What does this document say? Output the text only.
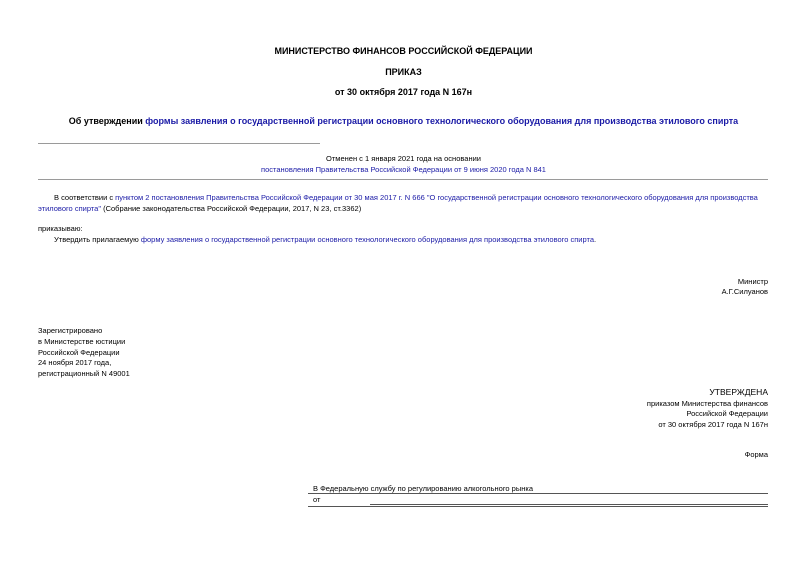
МИНИСТЕРСТВО ФИНАНСОВ РОССИЙСКОЙ ФЕДЕРАЦИИ
ПРИКАЗ
от 30 октября 2017 года N 167н
Об утверждении формы заявления о государственной регистрации основного технологического оборудования для производства этилового спирта
Отменен с 1 января 2021 года на основании
постановления Правительства Российской Федерации от 9 июня 2020 года N 841
В соответствии с пунктом 2 постановления Правительства Российской Федерации от 30 мая 2017 г. N 666 "О государственной регистрации основного технологического оборудования для производства этилового спирта" (Собрание законодательства Российской Федерации, 2017, N 23, ст.3362)
приказываю:
Утвердить прилагаемую форму заявления о государственной регистрации основного технологического оборудования для производства этилового спирта.
Министр
А.Г.Силуанов
Зарегистрировано
в Министерстве юстиции
Российской Федерации
24 ноября 2017 года,
регистрационный N 49001
УТВЕРЖДЕНА
приказом Министерства финансов
Российской Федерации
от 30 октября 2017 года N 167н
Форма
В Федеральную службу по регулированию алкогольного рынка
от
